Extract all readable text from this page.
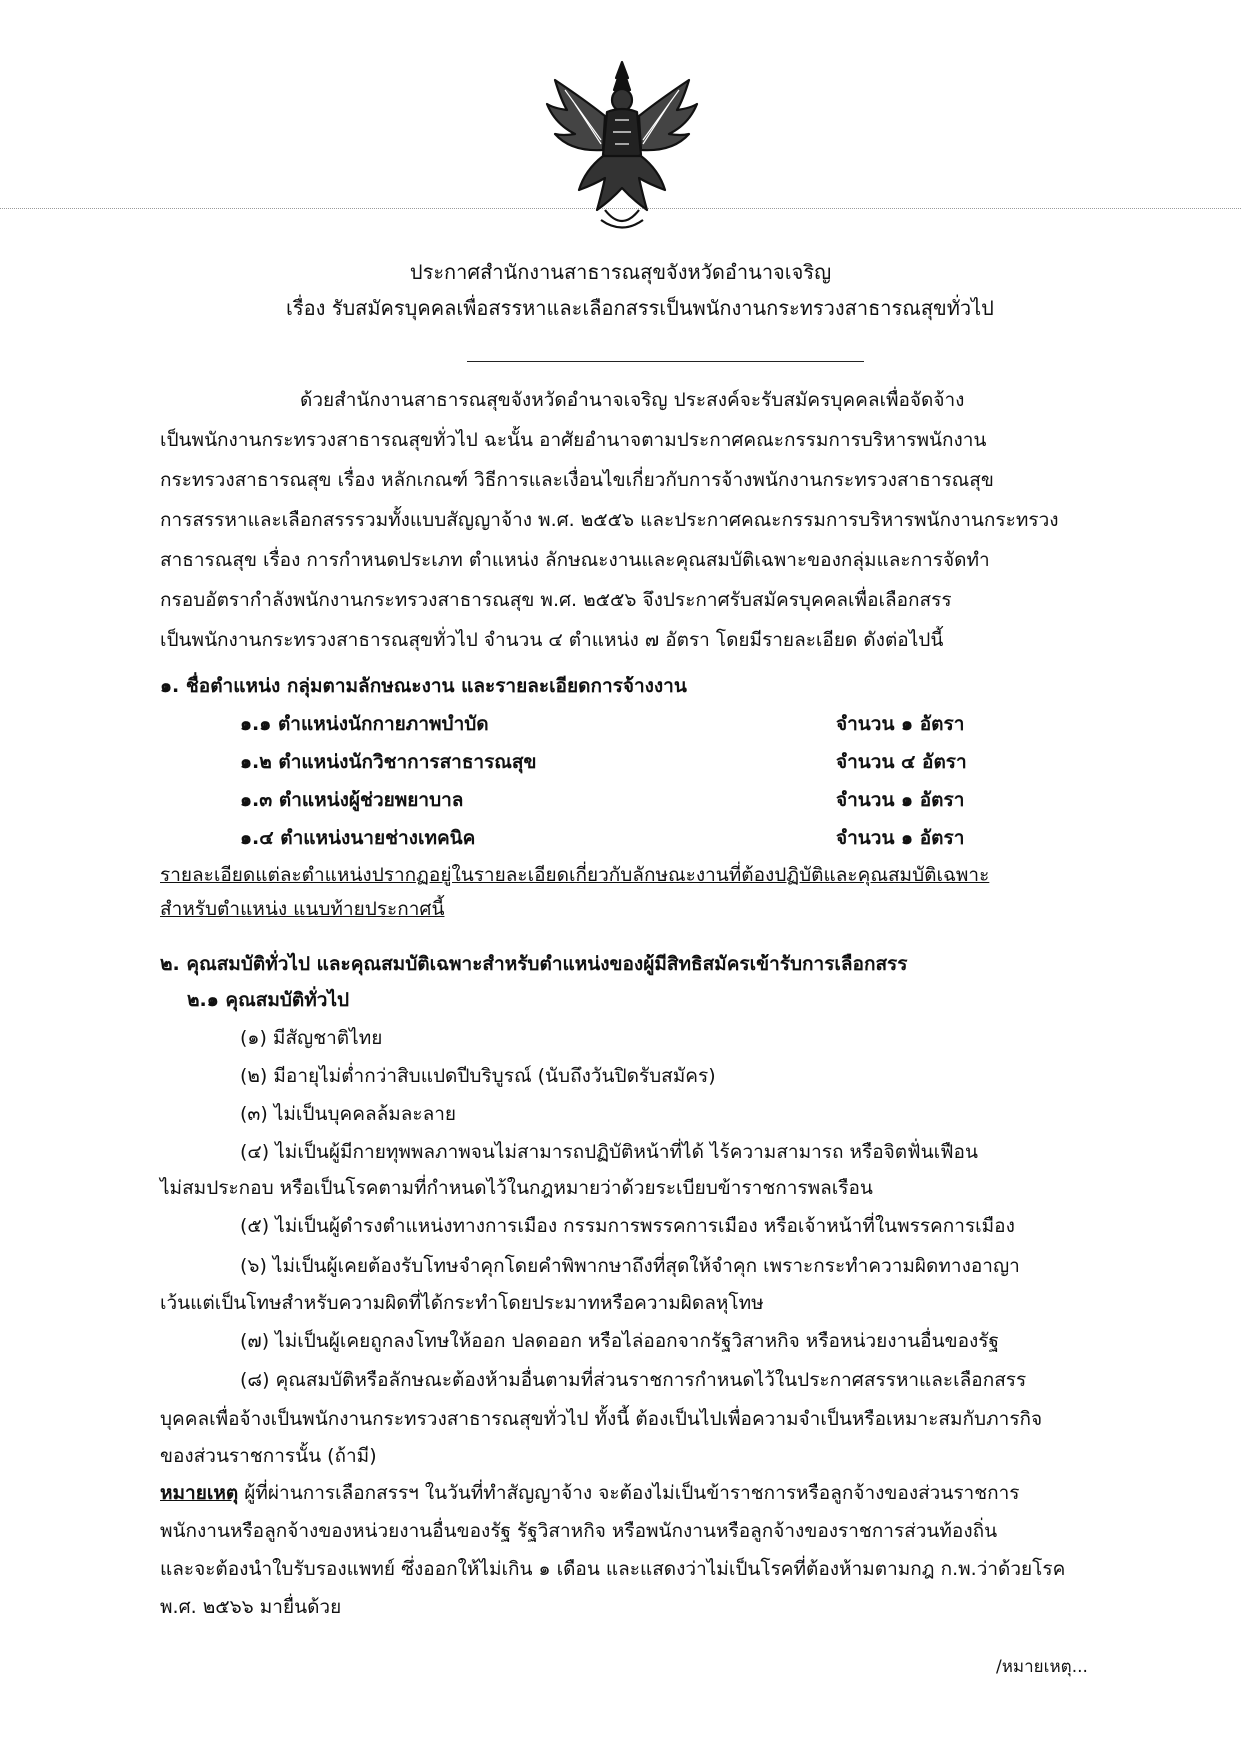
ประกาศสำนักงานสาธารณสุขจังหวัดอำนาจเจริญ
เรื่อง รับสมัครบุคคลเพื่อสรรหาและเลือกสรรเป็นพนักงานกระทรวงสาธารณสุขทั่วไป
ด้วยสำนักงานสาธารณสุขจังหวัดอำนาจเจริญ ประสงค์จะรับสมัครบุคคลเพื่อจัดจ้าง
เป็นพนักงานกระทรวงสาธารณสุขทั่วไป ฉะนั้น อาศัยอำนาจตามประกาศคณะกรรมการบริหารพนักงาน
กระทรวงสาธารณสุข เรื่อง หลักเกณฑ์ วิธีการและเงื่อนไขเกี่ยวกับการจ้างพนักงานกระทรวงสาธารณสุข
การสรรหาและเลือกสรรรวมทั้งแบบสัญญาจ้าง พ.ศ. ๒๕๕๖ และประกาศคณะกรรมการบริหารพนักงานกระทรวง
สาธารณสุข เรื่อง การกำหนดประเภท ตำแหน่ง ลักษณะงานและคุณสมบัติเฉพาะของกลุ่มและการจัดทำ
กรอบอัตรากำลังพนักงานกระทรวงสาธารณสุข พ.ศ. ๒๕๕๖ จึงประกาศรับสมัครบุคคลเพื่อเลือกสรร
เป็นพนักงานกระทรวงสาธารณสุขทั่วไป จำนวน ๔ ตำแหน่ง ๗ อัตรา โดยมีรายละเอียด ดังต่อไปนี้
๑. ชื่อตำแหน่ง กลุ่มตามลักษณะงาน และรายละเอียดการจ้างงาน
๑.๑ ตำแหน่งนักกายภาพบำบัด	จำนวน ๑ อัตรา
๑.๒ ตำแหน่งนักวิชาการสาธารณสุข	จำนวน ๔ อัตรา
๑.๓ ตำแหน่งผู้ช่วยพยาบาล	จำนวน ๑ อัตรา
๑.๔ ตำแหน่งนายช่างเทคนิค	จำนวน ๑ อัตรา
รายละเอียดแต่ละตำแหน่งปรากฏอยู่ในรายละเอียดเกี่ยวกับลักษณะงานที่ต้องปฏิบัติและคุณสมบัติเฉพาะ
สำหรับตำแหน่ง แนบท้ายประกาศนี้
๒. คุณสมบัติทั่วไป และคุณสมบัติเฉพาะสำหรับตำแหน่งของผู้มีสิทธิสมัครเข้ารับการเลือกสรร
๒.๑ คุณสมบัติทั่วไป
(๑) มีสัญชาติไทย
(๒) มีอายุไม่ต่ำกว่าสิบแปดปีบริบูรณ์ (นับถึงวันปิดรับสมัคร)
(๓) ไม่เป็นบุคคลล้มละลาย
(๔) ไม่เป็นผู้มีกายทุพพลภาพจนไม่สามารถปฏิบัติหน้าที่ได้ ไร้ความสามารถ หรือจิตฟั่นเฟือน
ไม่สมประกอบ หรือเป็นโรคตามที่กำหนดไว้ในกฎหมายว่าด้วยระเบียบข้าราชการพลเรือน
(๕) ไม่เป็นผู้ดำรงตำแหน่งทางการเมือง กรรมการพรรคการเมือง หรือเจ้าหน้าที่ในพรรคการเมือง
(๖) ไม่เป็นผู้เคยต้องรับโทษจำคุกโดยคำพิพากษาถึงที่สุดให้จำคุก เพราะกระทำความผิดทางอาญา
เว้นแต่เป็นโทษสำหรับความผิดที่ได้กระทำโดยประมาทหรือความผิดลหุโทษ
(๗) ไม่เป็นผู้เคยถูกลงโทษให้ออก ปลดออก หรือไล่ออกจากรัฐวิสาหกิจ หรือหน่วยงานอื่นของรัฐ
(๘) คุณสมบัติหรือลักษณะต้องห้ามอื่นตามที่ส่วนราชการกำหนดไว้ในประกาศสรรหาและเลือกสรร
บุคคลเพื่อจ้างเป็นพนักงานกระทรวงสาธารณสุขทั่วไป ทั้งนี้ ต้องเป็นไปเพื่อความจำเป็นหรือเหมาะสมกับภารกิจ
ของส่วนราชการนั้น (ถ้ามี)
หมายเหตุ ผู้ที่ผ่านการเลือกสรรฯ ในวันที่ทำสัญญาจ้าง จะต้องไม่เป็นข้าราชการหรือลูกจ้างของส่วนราชการ
พนักงานหรือลูกจ้างของหน่วยงานอื่นของรัฐ รัฐวิสาหกิจ หรือพนักงานหรือลูกจ้างของราชการส่วนท้องถิ่น
และจะต้องนำใบรับรองแพทย์ ซึ่งออกให้ไม่เกิน ๑ เดือน และแสดงว่าไม่เป็นโรคที่ต้องห้ามตามกฎ ก.พ.ว่าด้วยโรค
พ.ศ. ๒๕๖๖ มายื่นด้วย
/หมายเหตุ...
